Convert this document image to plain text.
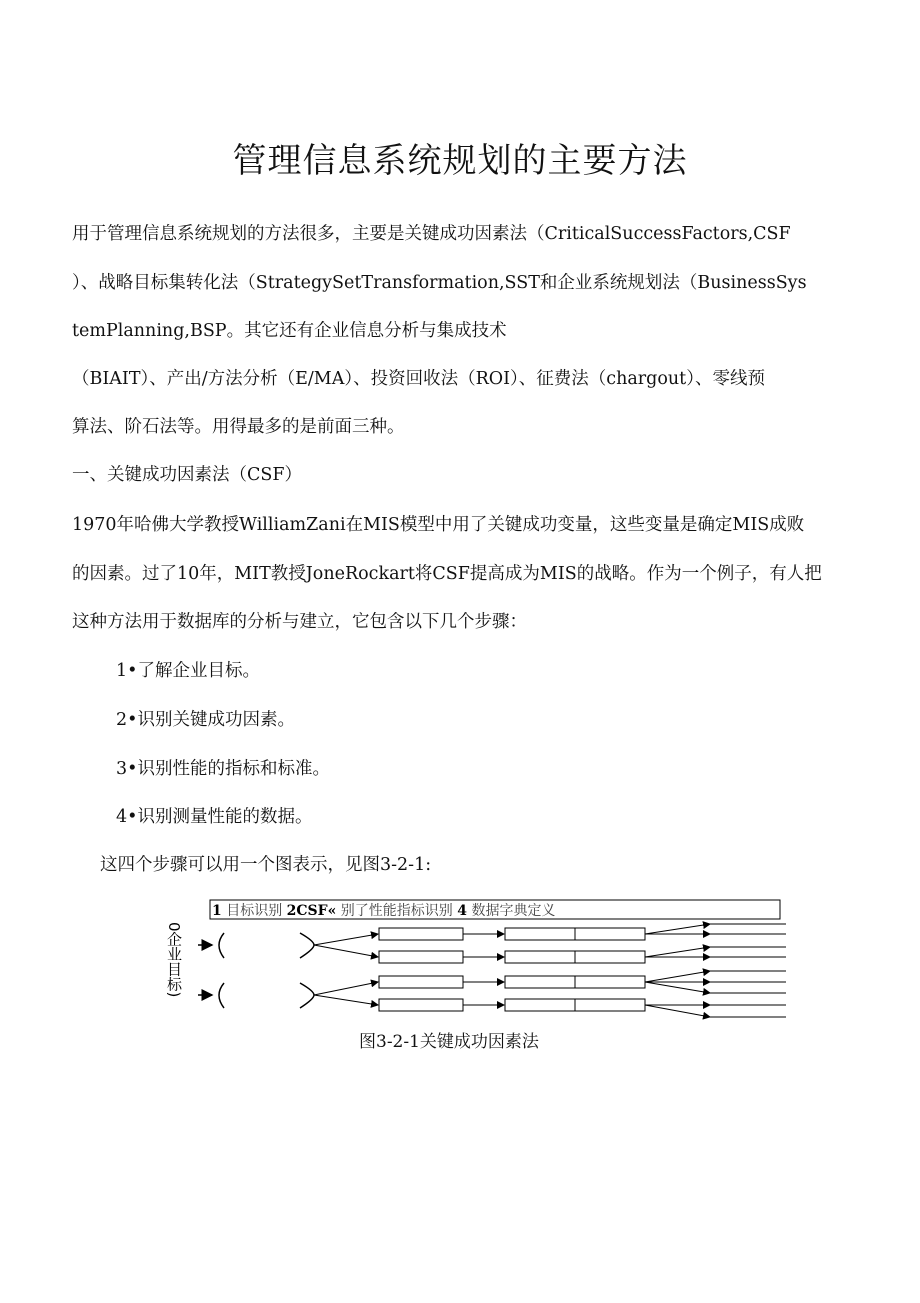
管理信息系统规划的主要方法
用于管理信息系统规划的方法很多，主要是关键成功因素法（CriticalSuccessFactors,CSF
）、战略目标集转化法（StrategySetTransformation,SST和企业系统规划法（BusinessSys
temPlanning,BSP。其它还有企业信息分析与集成技术
（BIAIT）、产出/方法分析（E/MA）、投资回收法（ROI）、征费法（chargout）、零线预
算法、阶石法等。用得最多的是前面三种。
一、关键成功因素法（CSF）
1970年哈佛大学教授WilliamZani在MIS模型中用了关键成功变量，这些变量是确定MIS成败
的因素。过了10年，MIT教授JoneRockart将CSF提高成为MIS的战略。作为一个例子，有人把
这种方法用于数据库的分析与建立，它包含以下几个步骤：
1•了解企业目标。
2•识别关键成功因素。
3•识别性能的指标和标准。
4•识别测量性能的数据。
这四个步骤可以用一个图表示，见图3-2-1:
1 目标识别 2CSF« 别了性能指标识别 4 数据字典定义
0企业目标)
图3-2-1关键成功因素法
